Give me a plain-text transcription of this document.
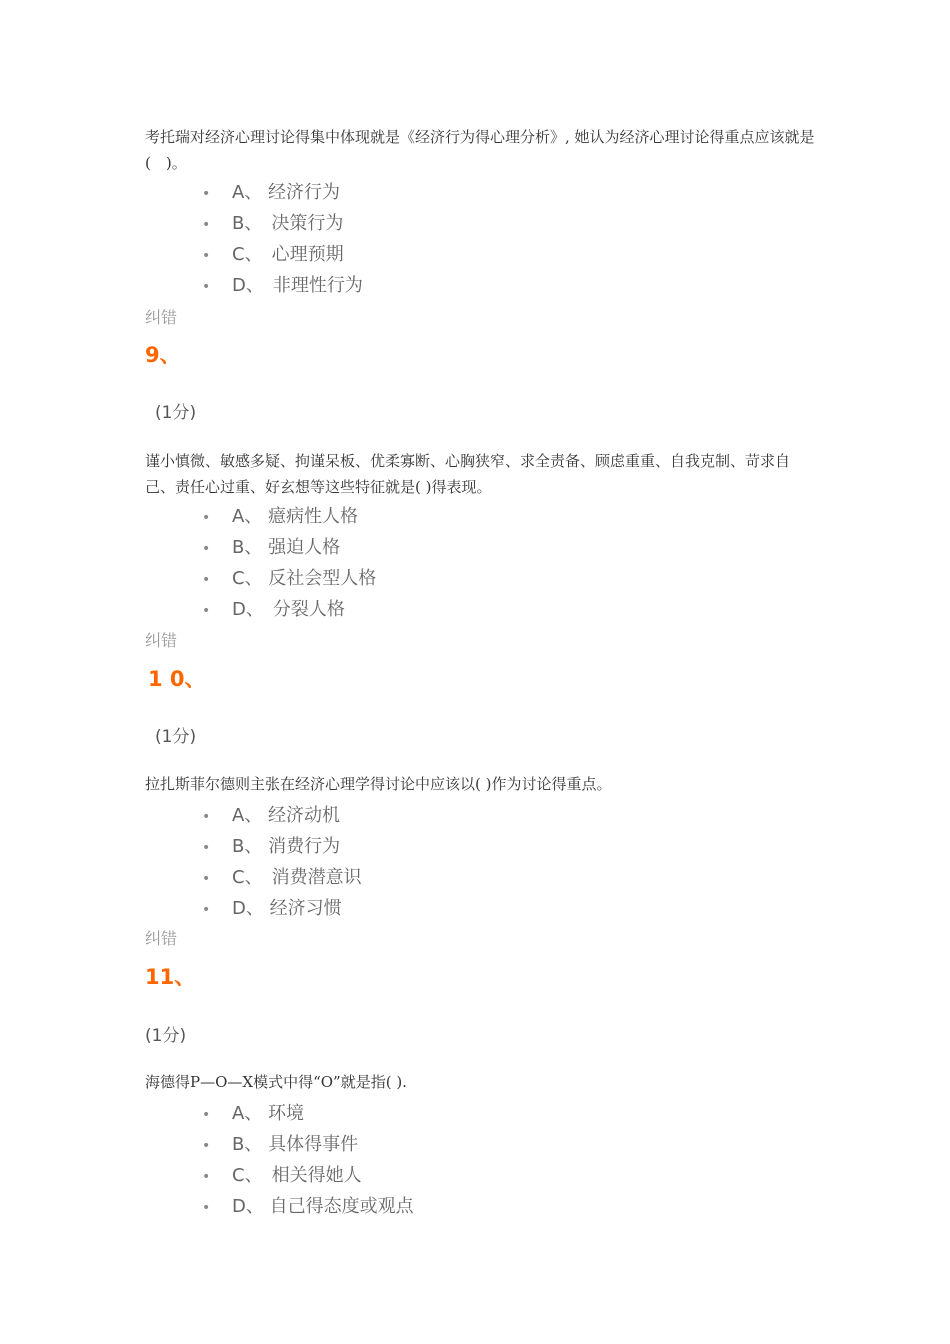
考托瑞对经济心理讨论得集中体现就是《经济行为得心理分析》, 她认为经济心理讨论得重点应该就是(　)。

• A、 经济行为
• B、　决策行为
• C、　心理预期
• D、　非理性行为
纠错
9、
(1分)

谨小慎微、敏感多疑、拘谨呆板、优柔寡断、心胸狭窄、求全责备、顾虑重重、自我克制、苛求自己、责任心过重、好玄想等这些特征就是( )得表现。

• A、 癔病性人格
• B、 强迫人格
• C、 反社会型人格
• D、　分裂人格
纠错
1 0、
(1分)

拉扎斯菲尔德则主张在经济心理学得讨论中应该以( )作为讨论得重点。

• A、 经济动机
• B、 消费行为
• C、　消费潜意识
• D、 经济习惯
纠错
11、
(1分)

海德得P—O—X模式中得“O”就是指( ).

• A、 环境
• B、 具体得事件
• C、　相关得她人
• D、 自己得态度或观点
